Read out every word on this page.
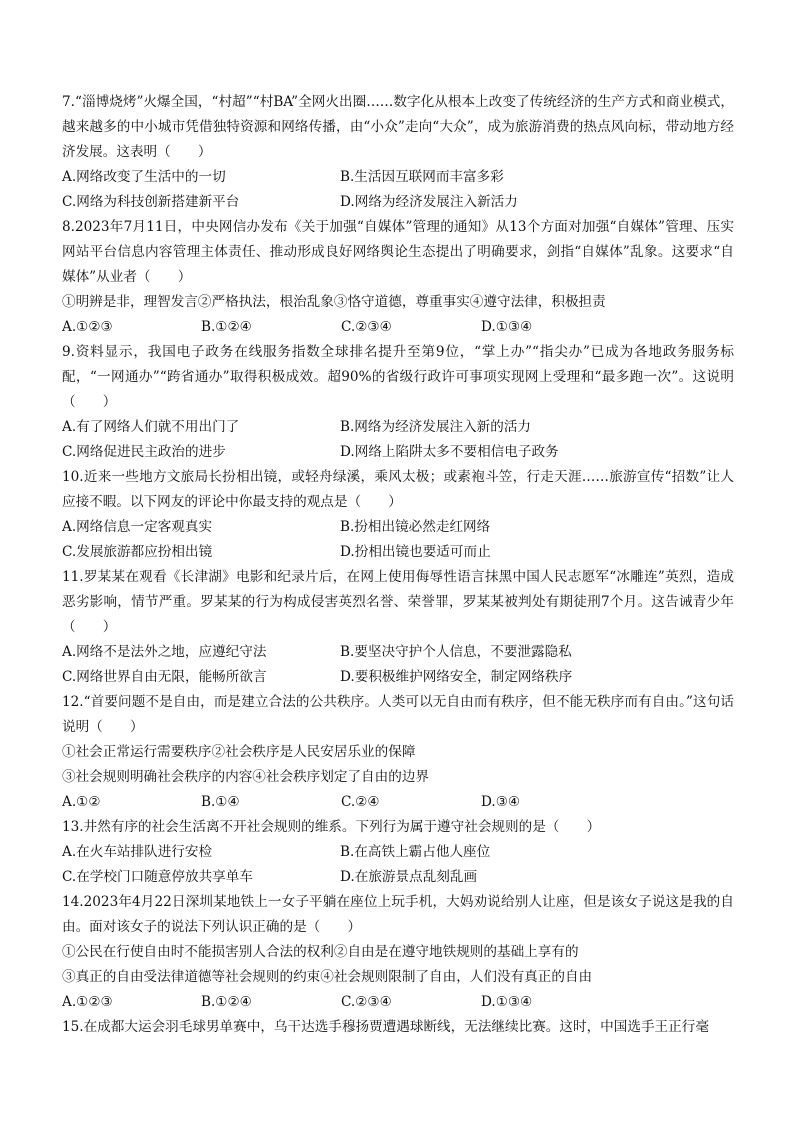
7.“淄博烧烤”火爆全国，“村超”“村BA”全网火出圈……数字化从根本上改变了传统经济的生产方式和商业模式，越来越多的中小城市凭借独特资源和网络传播，由“小众”走向“大众”，成为旅游消费的热点风向标，带动地方经济发展。这表明（　　）

A.网络改变了生活中的一切	B.生活因互联网而丰富多彩
C.网络为科技创新搭建新平台	D.网络为经济发展注入新活力

8.2023年7月11日，中央网信办发布《关于加强“自媒体”管理的通知》从13个方面对加强“自媒体”管理、压实网站平台信息内容管理主体责任、推动形成良好网络舆论生态提出了明确要求，剑指“自媒体”乱象。这要求“自媒体”从业者（　　）

①明辨是非，理智发言②严格执法，根治乱象③恪守道德，尊重事实④遵守法律，积极担责

A.①②③	B.①②④	C.②③④	D.①③④

9.资料显示，我国电子政务在线服务指数全球排名提升至第9位，“掌上办”“指尖办”已成为各地政务服务标配，“一网通办”“跨省通办”取得积极成效。超90%的省级行政许可事项实现网上受理和“最多跑一次”。这说明（　　）

A.有了网络人们就不用出门了	B.网络为经济发展注入新的活力
C.网络促进民主政治的进步	D.网络上陷阱太多不要相信电子政务

10.近来一些地方文旅局长扮相出镜，或轻舟绿溪，乘风太极；或素袍斗笠，行走天涯……旅游宣传“招数”让人应接不暇。以下网友的评论中你最支持的观点是（　　）

A.网络信息一定客观真实	B.扮相出镜必然走红网络
C.发展旅游都应扮相出镜	D.扮相出镜也要适可而止

11.罗某某在观看《长津湖》电影和纪录片后，在网上使用侮辱性语言抹黑中国人民志愿军“冰雕连”英烈，造成恶劣影响，情节严重。罗某某的行为构成侵害英烈名誉、荣誉罪，罗某某被判处有期徒刑7个月。这告诫青少年（　　）

A.网络不是法外之地，应遵纪守法	B.要坚决守护个人信息，不要泄露隐私
C.网络世界自由无限，能畅所欲言	D.要积极维护网络安全，制定网络秩序

12.“首要问题不是自由，而是建立合法的公共秩序。人类可以无自由而有秩序，但不能无秩序而有自由。”这句话说明（　　）

①社会正常运行需要秩序②社会秩序是人民安居乐业的保障

③社会规则明确社会秩序的内容④社会秩序划定了自由的边界

A.①②	B.①④	C.②④	D.③④

13.井然有序的社会生活离不开社会规则的维系。下列行为属于遵守社会规则的是（　　）

A.在火车站排队进行安检	B.在高铁上霸占他人座位
C.在学校门口随意停放共享单车	D.在旅游景点乱刻乱画

14.2023年4月22日深圳某地铁上一女子平躺在座位上玩手机，大妈劝说给别人让座，但是该女子说这是我的自由。面对该女子的说法下列认识正确的是（　　）

①公民在行使自由时不能损害别人合法的权利②自由是在遵守地铁规则的基础上享有的

③真正的自由受法律道德等社会规则的约束④社会规则限制了自由，人们没有真正的自由

A.①②③	B.①②④	C.②③④	D.①③④

15.在成都大运会羽毛球男单赛中，乌干达选手穆扬贾遭遇球断线，无法继续比赛。这时，中国选手王正行毫
